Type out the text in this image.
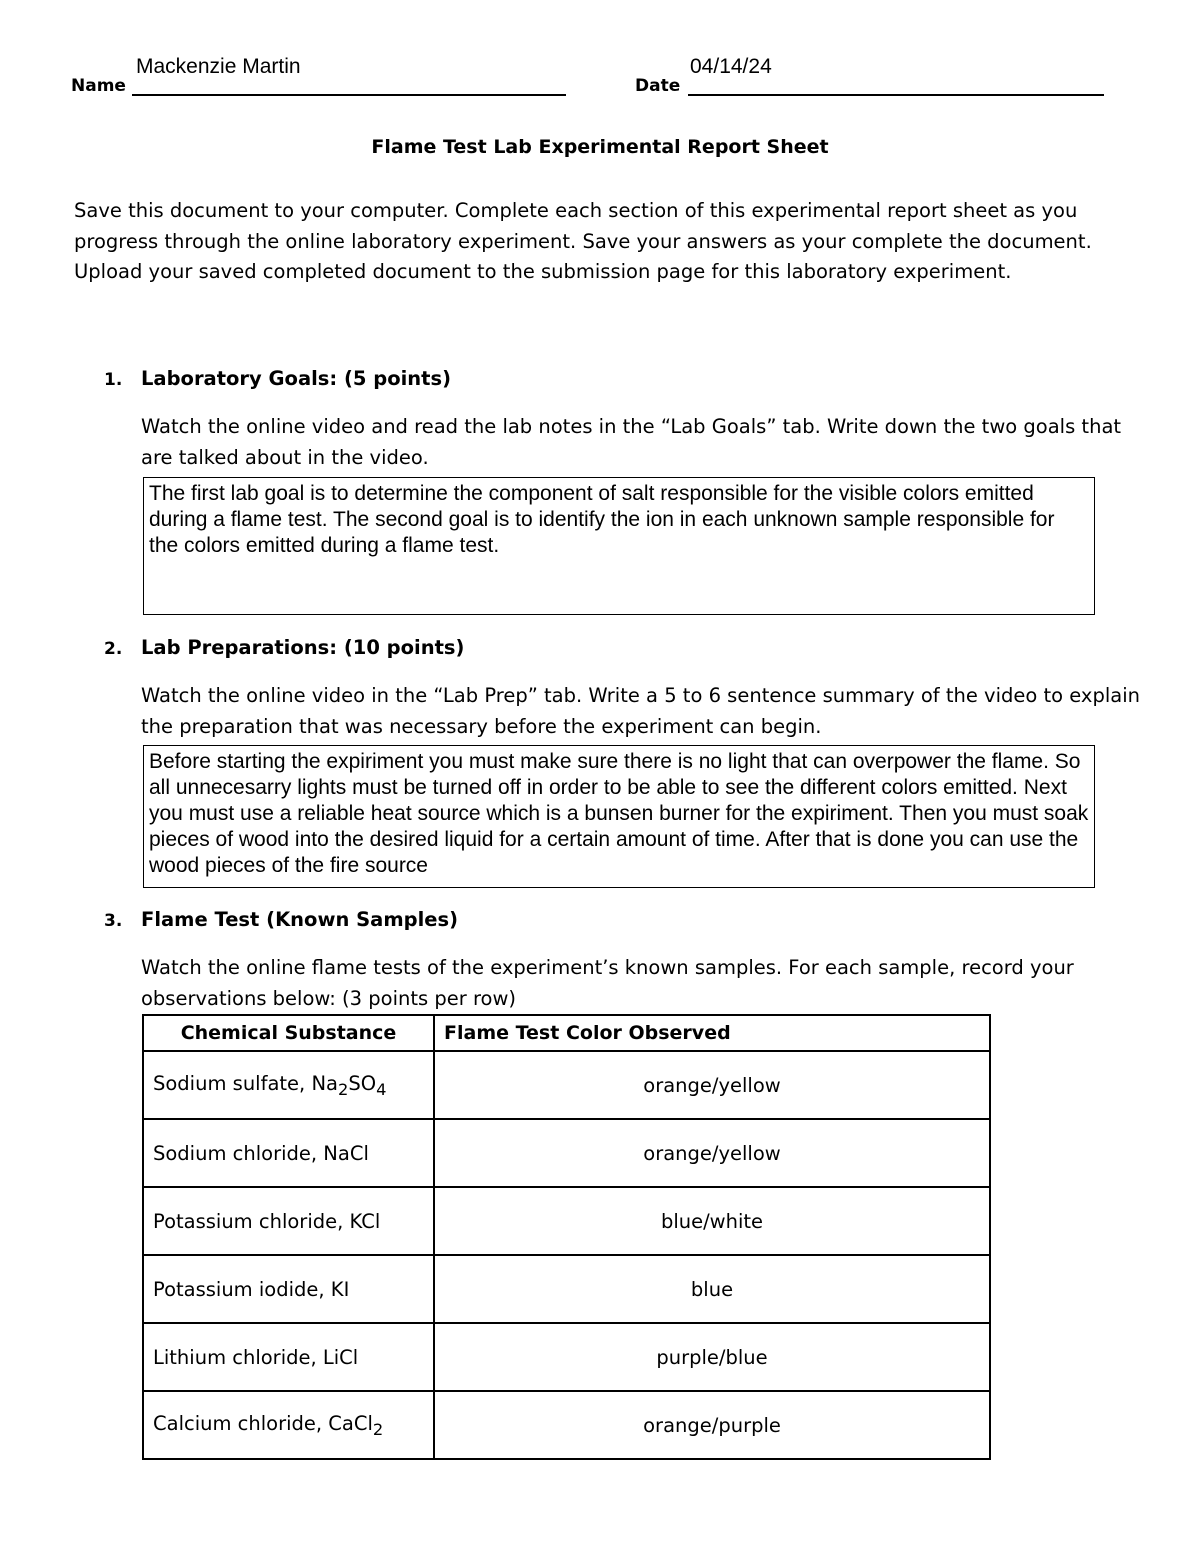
Name
Mackenzie Martin
Date
04/14/24
Flame Test Lab Experimental Report Sheet

Save this document to your computer. Complete each section of this experimental report sheet as you progress through the online laboratory experiment. Save your answers as your complete the document. Upload your saved completed document to the submission page for this laboratory experiment.

1. Laboratory Goals: (5 points)

Watch the online video and read the lab notes in the “Lab Goals” tab. Write down the two goals that are talked about in the video.

The first lab goal is to determine the component of salt responsible for the visible colors emitted during a flame test. The second goal is to identify the ion in each unknown sample responsible for the colors emitted during a flame test.
2. Lab Preparations: (10 points)

Watch the online video in the “Lab Prep” tab. Write a 5 to 6 sentence summary of the video to explain the preparation that was necessary before the experiment can begin.

Before starting the expiriment you must make sure there is no light that can overpower the flame. So all unnecesarry lights must be turned off in order to be able to see the different colors emitted. Next you must use a reliable heat source which is a bunsen burner for the expiriment. Then you must soak pieces of wood into the desired liquid for a certain amount of time. After that is done you can use the wood pieces of the fire source
3. Flame Test (Known Samples)

Watch the online flame tests of the experiment’s known samples. For each sample, record your observations below: (3 points per row)

Chemical Substance	Flame Test Color Observed
Sodium sulfate, $Na_2SO_4$	orange/yellow
Sodium chloride, NaCl	orange/yellow
Potassium chloride, KCl	blue/white
Potassium iodide, KI	blue
Lithium chloride, LiCl	purple/blue
Calcium chloride, CaCl$_2$	orange/purple
